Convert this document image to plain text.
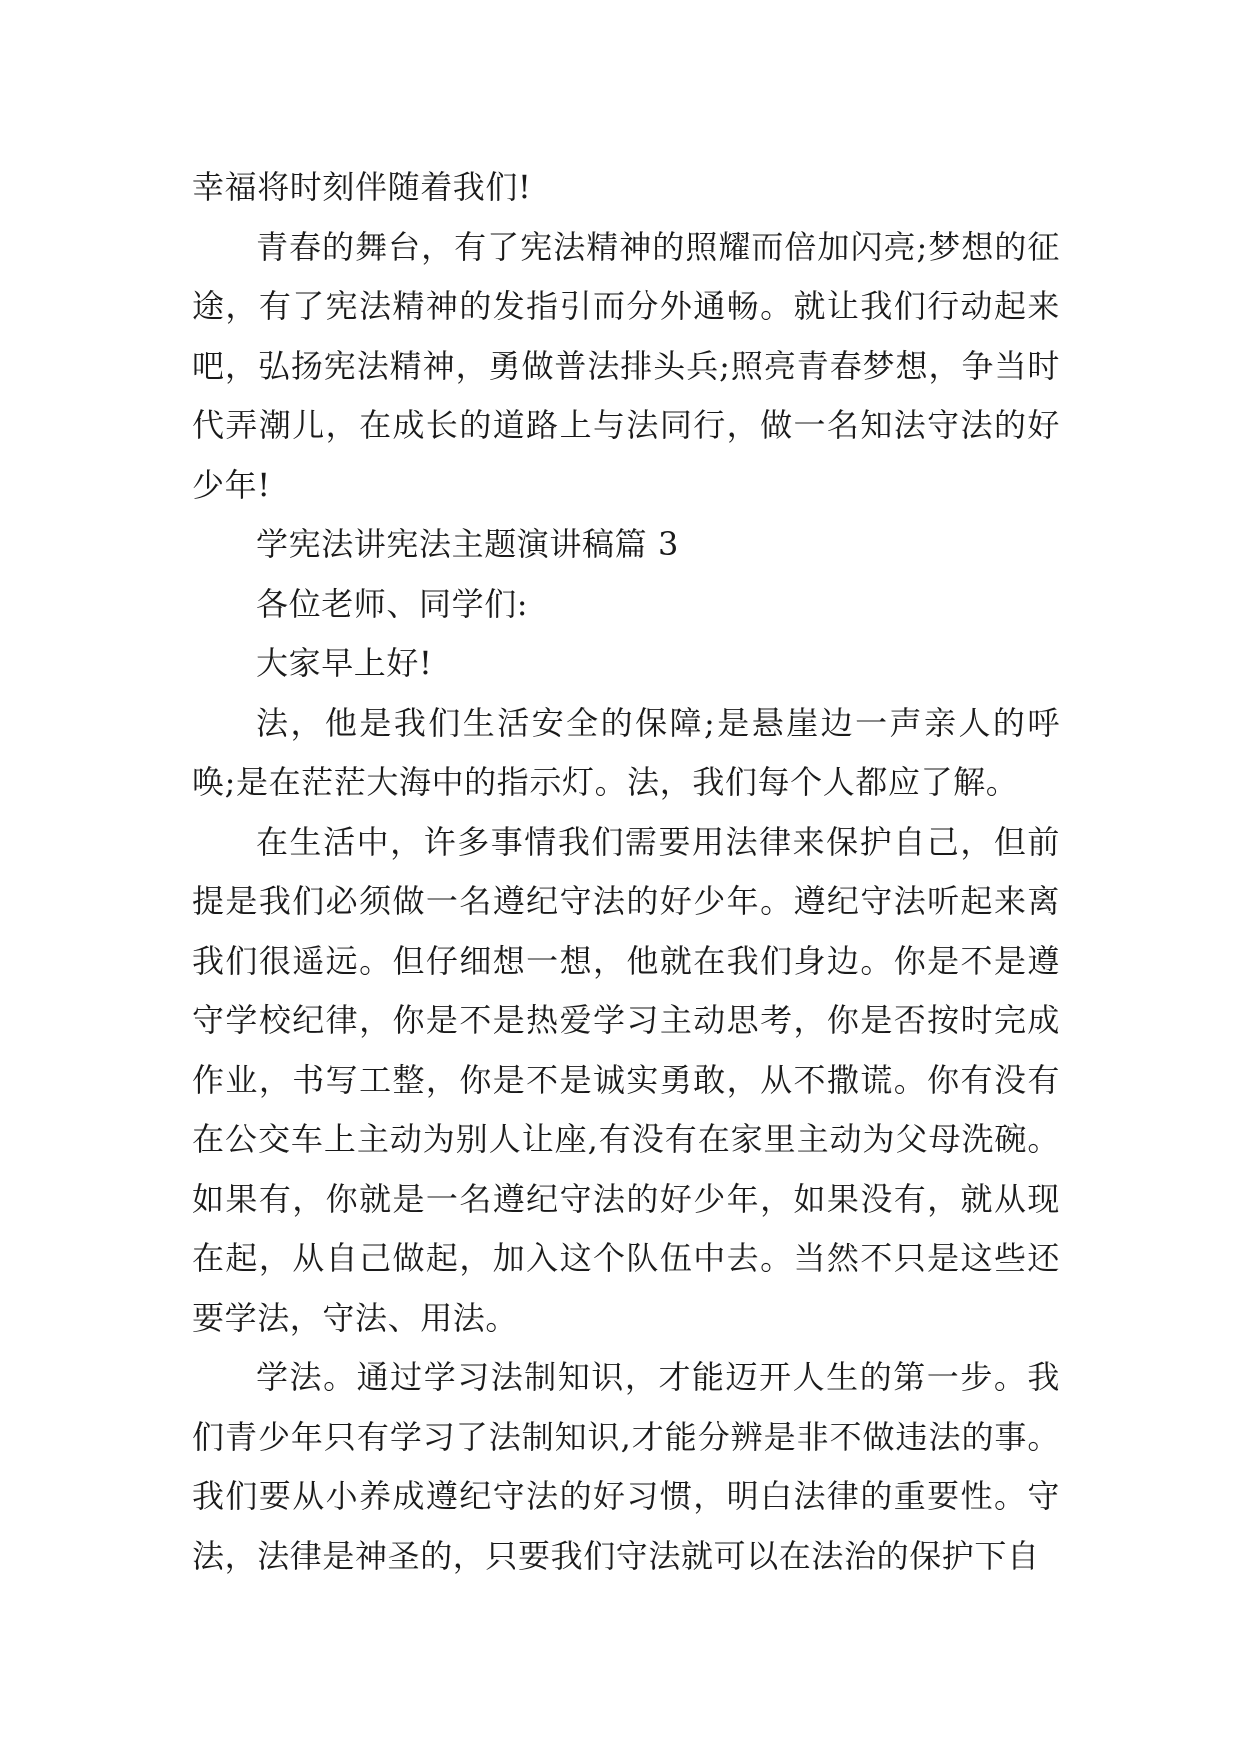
幸福将时刻伴随着我们!

青春的舞台，有了宪法精神的照耀而倍加闪亮;梦想的征途，有了宪法精神的发指引而分外通畅。就让我们行动起来吧，弘扬宪法精神，勇做普法排头兵;照亮青春梦想，争当时代弄潮儿，在成长的道路上与法同行，做一名知法守法的好少年!

学宪法讲宪法主题演讲稿篇 3

各位老师、同学们:

大家早上好!

法，他是我们生活安全的保障;是悬崖边一声亲人的呼唤;是在茫茫大海中的指示灯。法，我们每个人都应了解。

在生活中，许多事情我们需要用法律来保护自己，但前提是我们必须做一名遵纪守法的好少年。遵纪守法听起来离我们很遥远。但仔细想一想，他就在我们身边。你是不是遵守学校纪律，你是不是热爱学习主动思考，你是否按时完成作业，书写工整，你是不是诚实勇敢，从不撒谎。你有没有在公交车上主动为别人让座,有没有在家里主动为父母洗碗。如果有，你就是一名遵纪守法的好少年，如果没有，就从现在起，从自己做起，加入这个队伍中去。当然不只是这些还要学法，守法、用法。

学法。通过学习法制知识，才能迈开人生的第一步。我们青少年只有学习了法制知识,才能分辨是非不做违法的事。我们要从小养成遵纪守法的好习惯，明白法律的重要性。守法，法律是神圣的，只要我们守法就可以在法治的保护下自
